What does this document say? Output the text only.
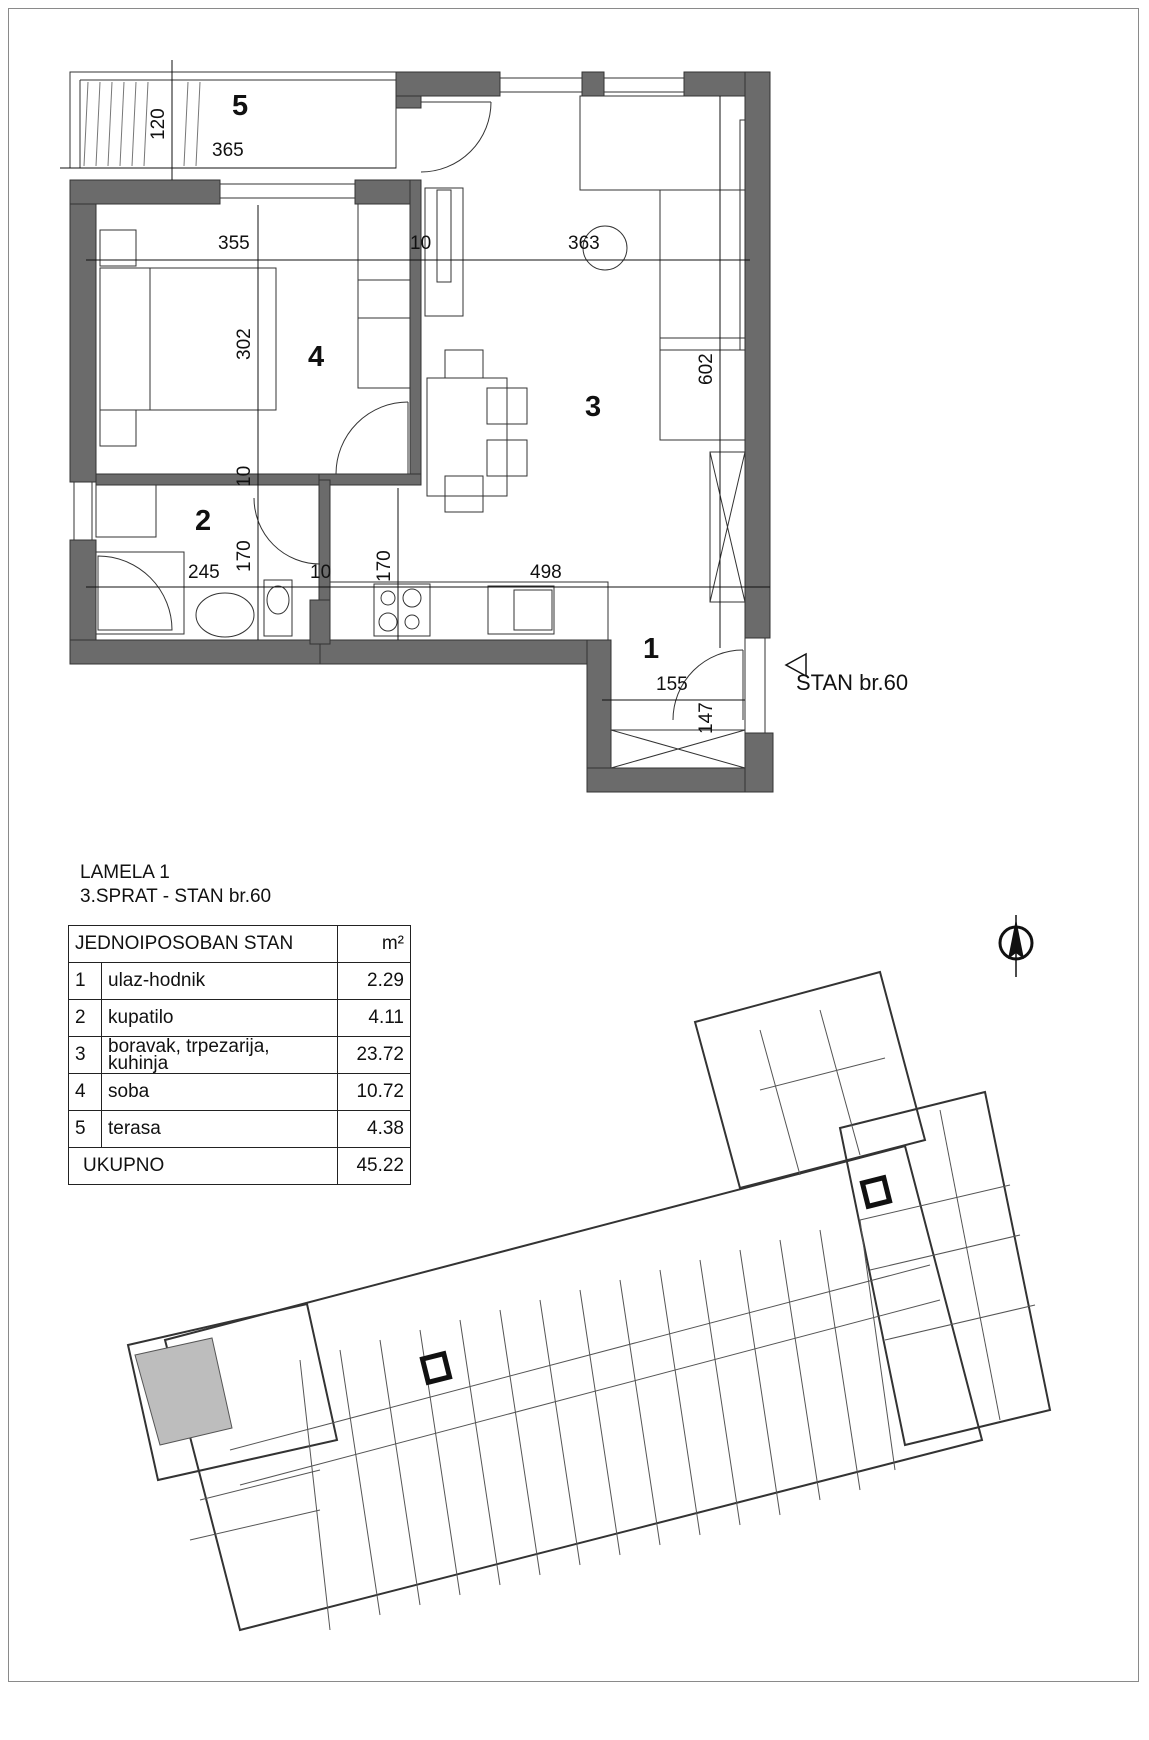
120
365
355	10	363
302
602
10
245
170
10 170	498
155
147
5
4
3
2
1
STAN br.60
LAMELA 1
3.SPRAT - STAN br.60
JEDNOIPOSOBAN STAN		m²
1	ulaz-hodnik	2.29
2	kupatilo	4.11
3	boravak, trpezarija, kuhinja	23.72
4	soba	10.72
5	terasa	4.38
UKUPNO		45.22
